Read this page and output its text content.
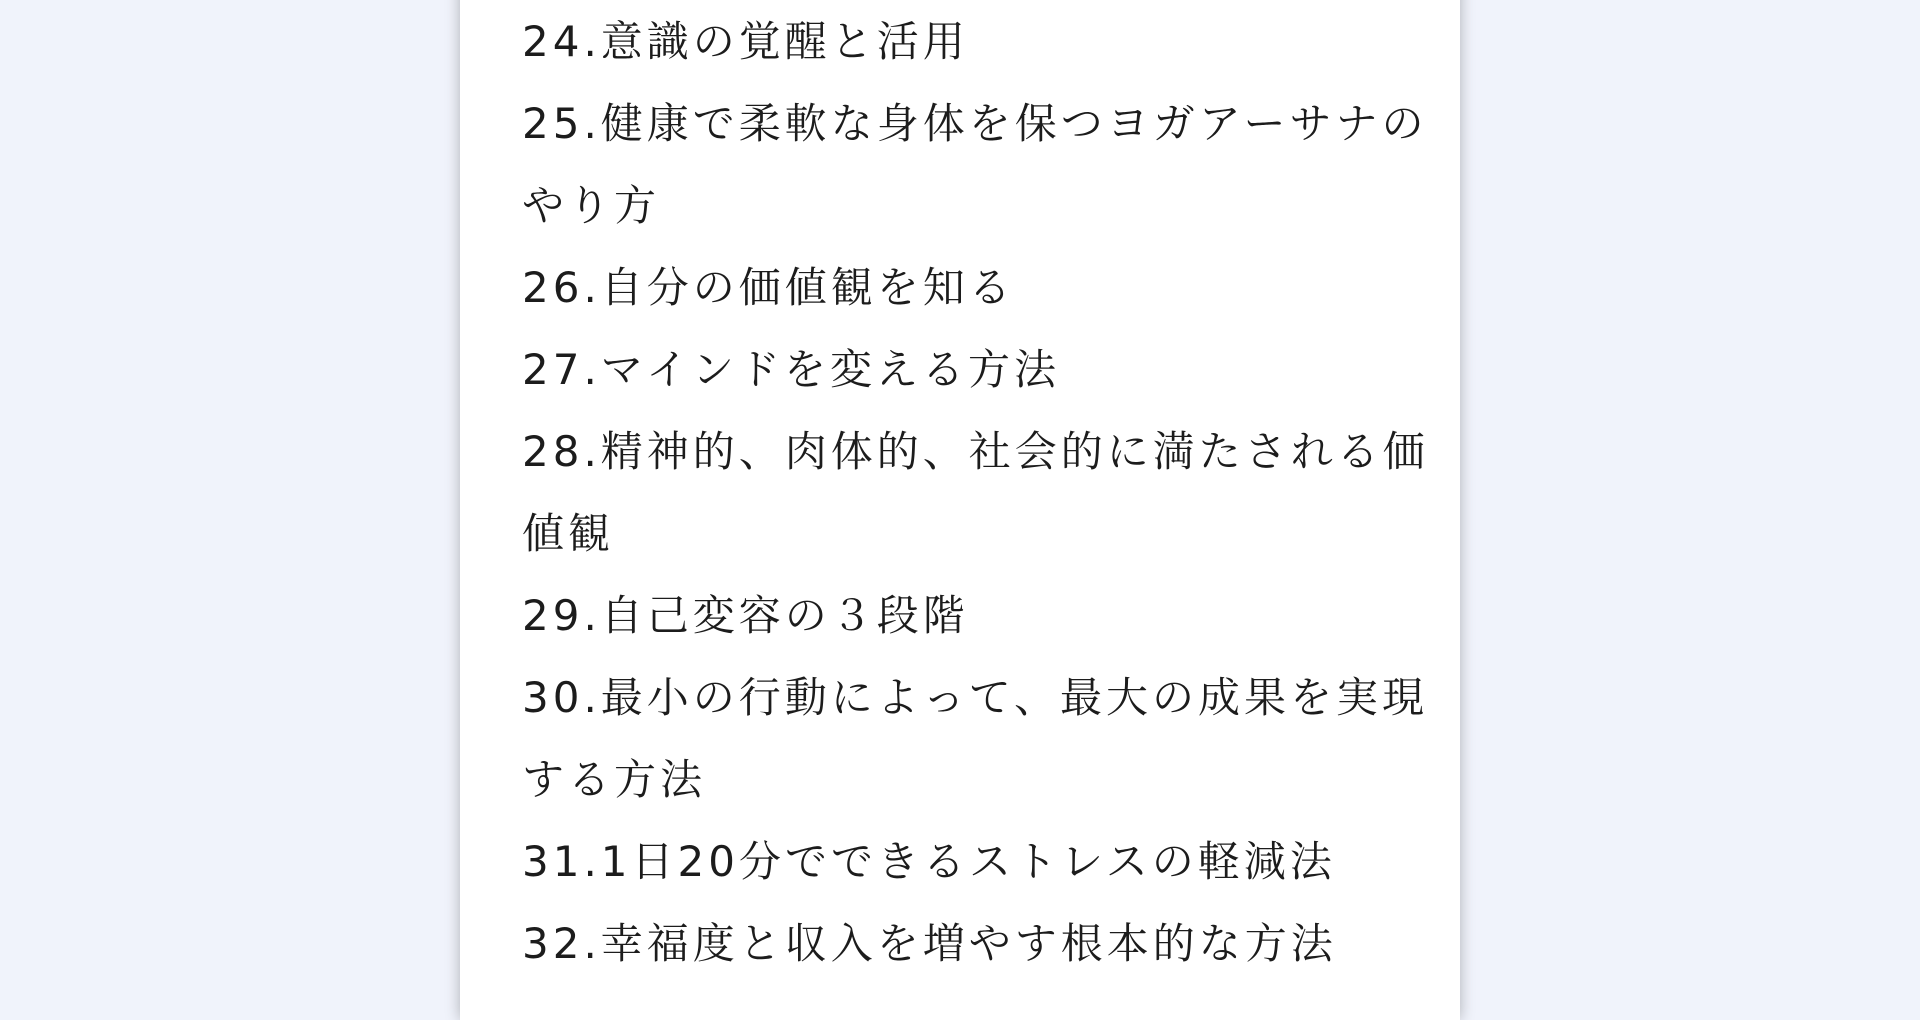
24.意識の覚醒と活用
25.健康で柔軟な身体を保つヨガアーサナのやり方
26.自分の価値観を知る
27.マインドを変える方法
28.精神的、肉体的、社会的に満たされる価値観
29.自己変容の３段階
30.最小の行動によって、最大の成果を実現する方法
31.1日20分でできるストレスの軽減法
32.幸福度と収入を増やす根本的な方法
